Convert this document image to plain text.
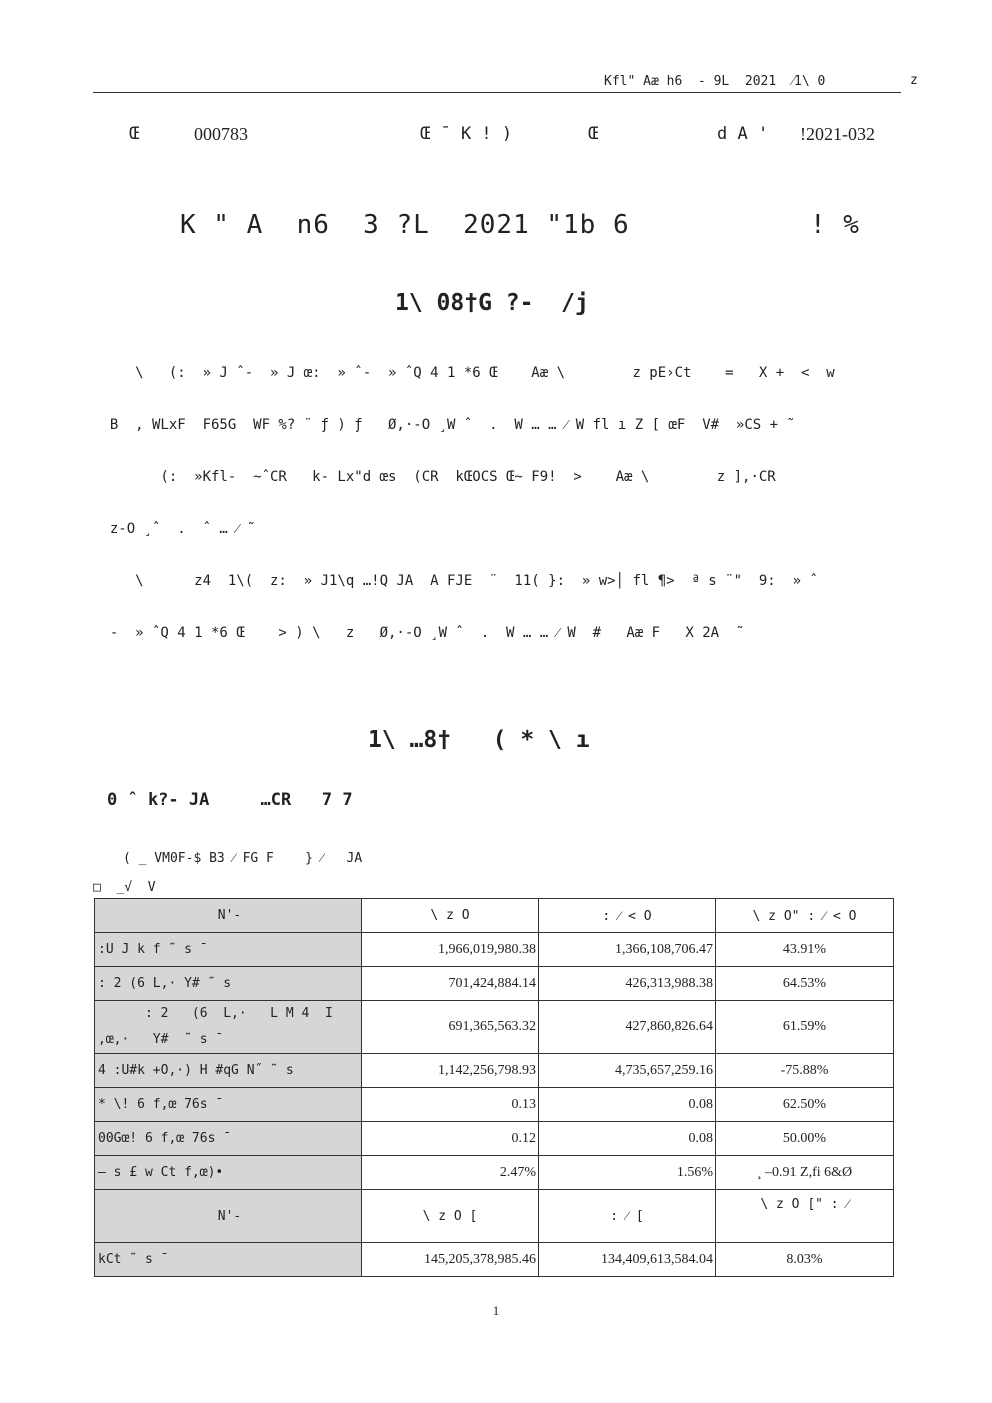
Kfl" Aæ h6  - 9L  2021  ⁄1\ 0	z
Œ	000783	Œ ¯ K ! )	Œ	d A ' !2021-032
K " A  n6  3 ?L  2021 "1b 6	! %
1\ 08†G ?-  /j
\   (:  » J ˆ-  » J œ:  » ˆ-  » ˆQ 4 1 *6 Œ    Aæ \        z pE›Ct    =   X +  <  w
B  , WLxF  F65G  WF %? ¨ ƒ ) ƒ   Ø,·-O ¸W ˆ  .  W … … ⁄ W fl ı Z [ œF  V#  »CS + ˜
(:  »Kfl-  ~ˆCR   k- Lx"d œs  (CR  kŒOCS Œ~ F9!  >    Aæ \        z ],·CR
z-O ¸ˆ  .  ˆ … ⁄ ˜
\      z4  1\(  z:  » J1\q …!Q JA  A FJE  ¨  11( }:  » w>│ fl ¶>  ª s ¨"  9:  » ˆ
-  » ˆQ 4 1 *6 Œ    > ) \   z   Ø,·-O ¸W ˆ  .  W … … ⁄ W  #   Aæ F   X 2A  ˜
1\ …8†   ( * \ ı
0 ˆ k?- JA     …CR   7 7
( _ VM0F-$ B3 ⁄ FG F    } ⁄   JA
□  _√  V
N'-	\ z O	: ⁄ < O	\ z O" : ⁄ < O
:U J k f ˜ s ¯	1,966,019,980.38	1,366,108,706.47	43.91%
: 2 (6 L,· Y# ˜ s	701,424,884.14	426,313,988.38	64.53%
: 2   (6  L,·   L M 4  I
,œ,·   Y#  ˜ s ¯	691,365,563.32	427,860,826.64	61.59%
4 :U#k +O,·) H #qG N˝ ˜ s	1,142,256,798.93	4,735,657,259.16	-75.88%
* \! 6 f,œ 76s ¯	0.13	0.08	62.50%
00Gœ! 6 f,œ 76s ¯	0.12	0.08	50.00%
— s £ w Ct f,œ)•	2.47%	1.56%	¸ –0.91 Z,fi 6&Ø
N'-	\ z O [	: ⁄ [	\ z O [" : ⁄
kCt ˜ s ¯	145,205,378,985.46	134,409,613,584.04	8.03%
1
